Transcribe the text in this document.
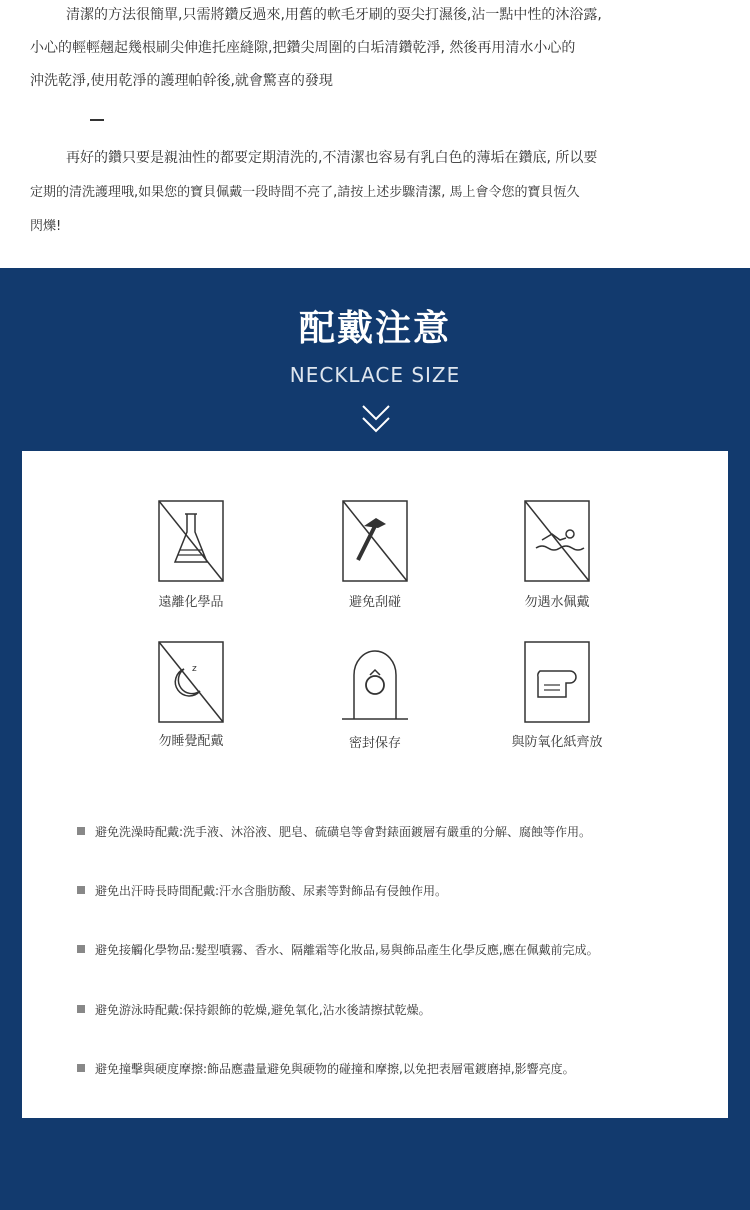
清潔的方法很簡單,只需將鑽反過來,用舊的軟毛牙刷的耍尖打濕後,沾一點中性的沐浴露,
小心的輕輕翹起幾根刷尖伸進托座縫隙,把鑽尖周圍的白垢清鑽乾淨, 然後再用清水小心的
沖洗乾淨,使用乾淨的護理帕幹後,就會驚喜的發現
再好的鑽只要是親油性的都要定期清洗的,不清潔也容易有乳白色的薄垢在鑽底, 所以要
定期的清洗護理哦,如果您的寶貝佩戴一段時間不亮了,請按上述步驟清潔, 馬上會令您的寶貝恆久
閃爍!
配戴注意
NECKLACE SIZE
遠離化學品	避免刮碰	勿遇水佩戴
z
勿睡覺配戴	密封保存	與防氧化紙齊放
避免洗澡時配戴:洗手液、沐浴液、肥皂、硫磺皂等會對錶面鍍層有嚴重的分解、腐蝕等作用。
避免出汗時長時間配戴:汗水含脂肪酸、尿素等對飾品有侵蝕作用。
避免接觸化學物品:髮型噴霧、香水、隔離霜等化妝品,易與飾品產生化學反應,應在佩戴前完成。
避免游泳時配戴:保持銀飾的乾燥,避免氧化,沾水後請擦拭乾燥。
避免撞擊與硬度摩擦:飾品應盡量避免與硬物的碰撞和摩擦,以免把表層電鍍磨掉,影響亮度。
